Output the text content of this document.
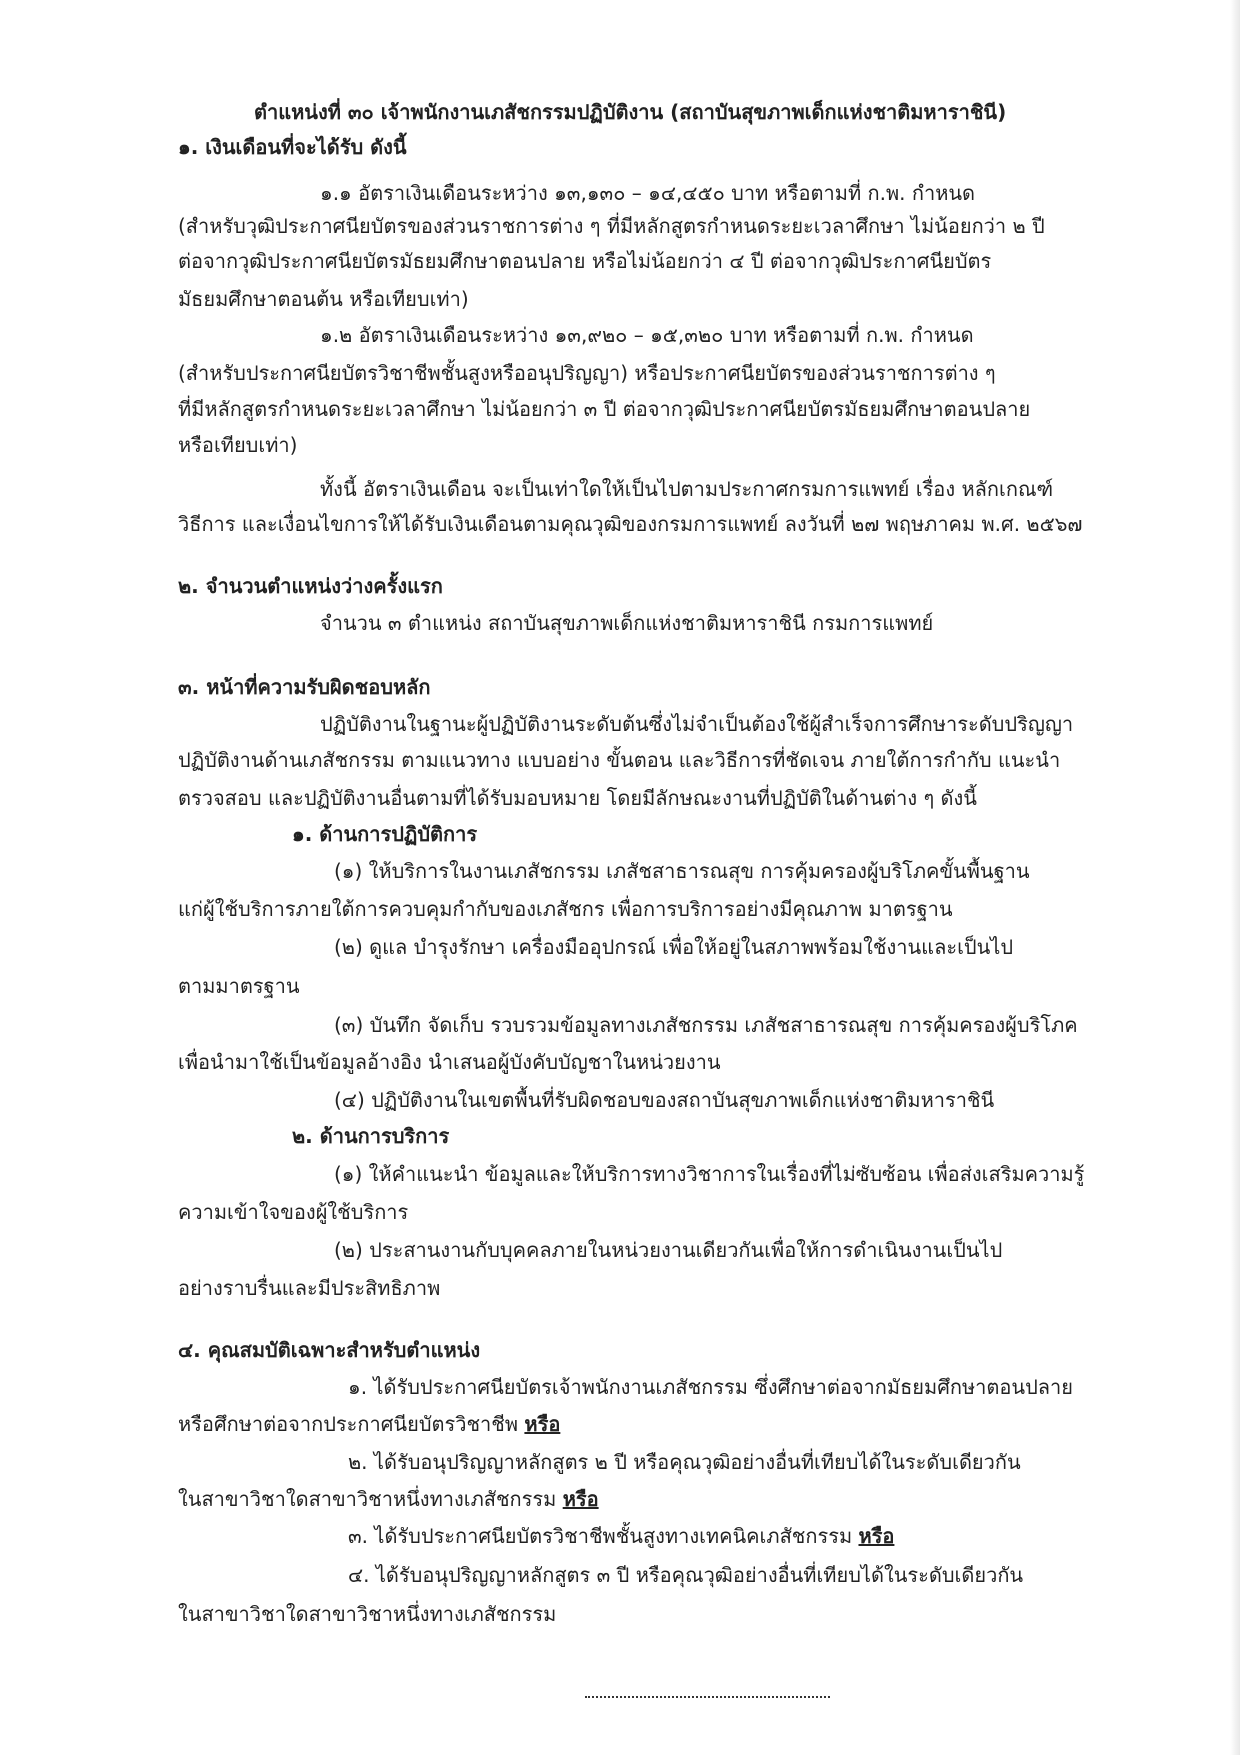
ตำแหน่งที่ ๓๐ เจ้าพนักงานเภสัชกรรมปฏิบัติงาน (สถาบันสุขภาพเด็กแห่งชาติมหาราชินี)
๑. เงินเดือนที่จะได้รับ ดังนี้
๑.๑ อัตราเงินเดือนระหว่าง ๑๓,๑๓๐ – ๑๔,๔๕๐ บาท หรือตามที่ ก.พ. กำหนด
(สำหรับวุฒิประกาศนียบัตรของส่วนราชการต่าง ๆ ที่มีหลักสูตรกำหนดระยะเวลาศึกษา ไม่น้อยกว่า ๒ ปี
ต่อจากวุฒิประกาศนียบัตรมัธยมศึกษาตอนปลาย หรือไม่น้อยกว่า ๔ ปี ต่อจากวุฒิประกาศนียบัตร
มัธยมศึกษาตอนต้น หรือเทียบเท่า)
๑.๒ อัตราเงินเดือนระหว่าง ๑๓,๙๒๐ – ๑๕,๓๒๐ บาท หรือตามที่ ก.พ. กำหนด
(สำหรับประกาศนียบัตรวิชาชีพชั้นสูงหรืออนุปริญญา) หรือประกาศนียบัตรของส่วนราชการต่าง ๆ
ที่มีหลักสูตรกำหนดระยะเวลาศึกษา ไม่น้อยกว่า ๓ ปี ต่อจากวุฒิประกาศนียบัตรมัธยมศึกษาตอนปลาย
หรือเทียบเท่า)
ทั้งนี้ อัตราเงินเดือน จะเป็นเท่าใดให้เป็นไปตามประกาศกรมการแพทย์ เรื่อง หลักเกณฑ์
วิธีการ และเงื่อนไขการให้ได้รับเงินเดือนตามคุณวุฒิของกรมการแพทย์ ลงวันที่ ๒๗ พฤษภาคม พ.ศ. ๒๕๖๗
๒. จำนวนตำแหน่งว่างครั้งแรก
จำนวน ๓ ตำแหน่ง สถาบันสุขภาพเด็กแห่งชาติมหาราชินี กรมการแพทย์
๓. หน้าที่ความรับผิดชอบหลัก
ปฏิบัติงานในฐานะผู้ปฏิบัติงานระดับต้นซึ่งไม่จำเป็นต้องใช้ผู้สำเร็จการศึกษาระดับปริญญา
ปฏิบัติงานด้านเภสัชกรรม ตามแนวทาง แบบอย่าง ขั้นตอน และวิธีการที่ชัดเจน ภายใต้การกำกับ แนะนำ
ตรวจสอบ และปฏิบัติงานอื่นตามที่ได้รับมอบหมาย โดยมีลักษณะงานที่ปฏิบัติในด้านต่าง ๆ ดังนี้
๑. ด้านการปฏิบัติการ
(๑) ให้บริการในงานเภสัชกรรม เภสัชสาธารณสุข การคุ้มครองผู้บริโภคขั้นพื้นฐาน
แก่ผู้ใช้บริการภายใต้การควบคุมกำกับของเภสัชกร เพื่อการบริการอย่างมีคุณภาพ มาตรฐาน
(๒) ดูแล บำรุงรักษา เครื่องมืออุปกรณ์ เพื่อให้อยู่ในสภาพพร้อมใช้งานและเป็นไป
ตามมาตรฐาน
(๓) บันทึก จัดเก็บ รวบรวมข้อมูลทางเภสัชกรรม เภสัชสาธารณสุข การคุ้มครองผู้บริโภค
เพื่อนำมาใช้เป็นข้อมูลอ้างอิง นำเสนอผู้บังคับบัญชาในหน่วยงาน
(๔) ปฏิบัติงานในเขตพื้นที่รับผิดชอบของสถาบันสุขภาพเด็กแห่งชาติมหาราชินี
๒. ด้านการบริการ
(๑) ให้คำแนะนำ ข้อมูลและให้บริการทางวิชาการในเรื่องที่ไม่ซับซ้อน เพื่อส่งเสริมความรู้
ความเข้าใจของผู้ใช้บริการ
(๒) ประสานงานกับบุคคลภายในหน่วยงานเดียวกันเพื่อให้การดำเนินงานเป็นไป
อย่างราบรื่นและมีประสิทธิภาพ
๔. คุณสมบัติเฉพาะสำหรับตำแหน่ง
๑. ได้รับประกาศนียบัตรเจ้าพนักงานเภสัชกรรม ซึ่งศึกษาต่อจากมัธยมศึกษาตอนปลาย
หรือศึกษาต่อจากประกาศนียบัตรวิชาชีพ หรือ
๒. ได้รับอนุปริญญาหลักสูตร ๒ ปี หรือคุณวุฒิอย่างอื่นที่เทียบได้ในระดับเดียวกัน
ในสาขาวิชาใดสาขาวิชาหนึ่งทางเภสัชกรรม หรือ
๓. ได้รับประกาศนียบัตรวิชาชีพชั้นสูงทางเทคนิคเภสัชกรรม หรือ
๔. ได้รับอนุปริญญาหลักสูตร ๓ ปี หรือคุณวุฒิอย่างอื่นที่เทียบได้ในระดับเดียวกัน
ในสาขาวิชาใดสาขาวิชาหนึ่งทางเภสัชกรรม
